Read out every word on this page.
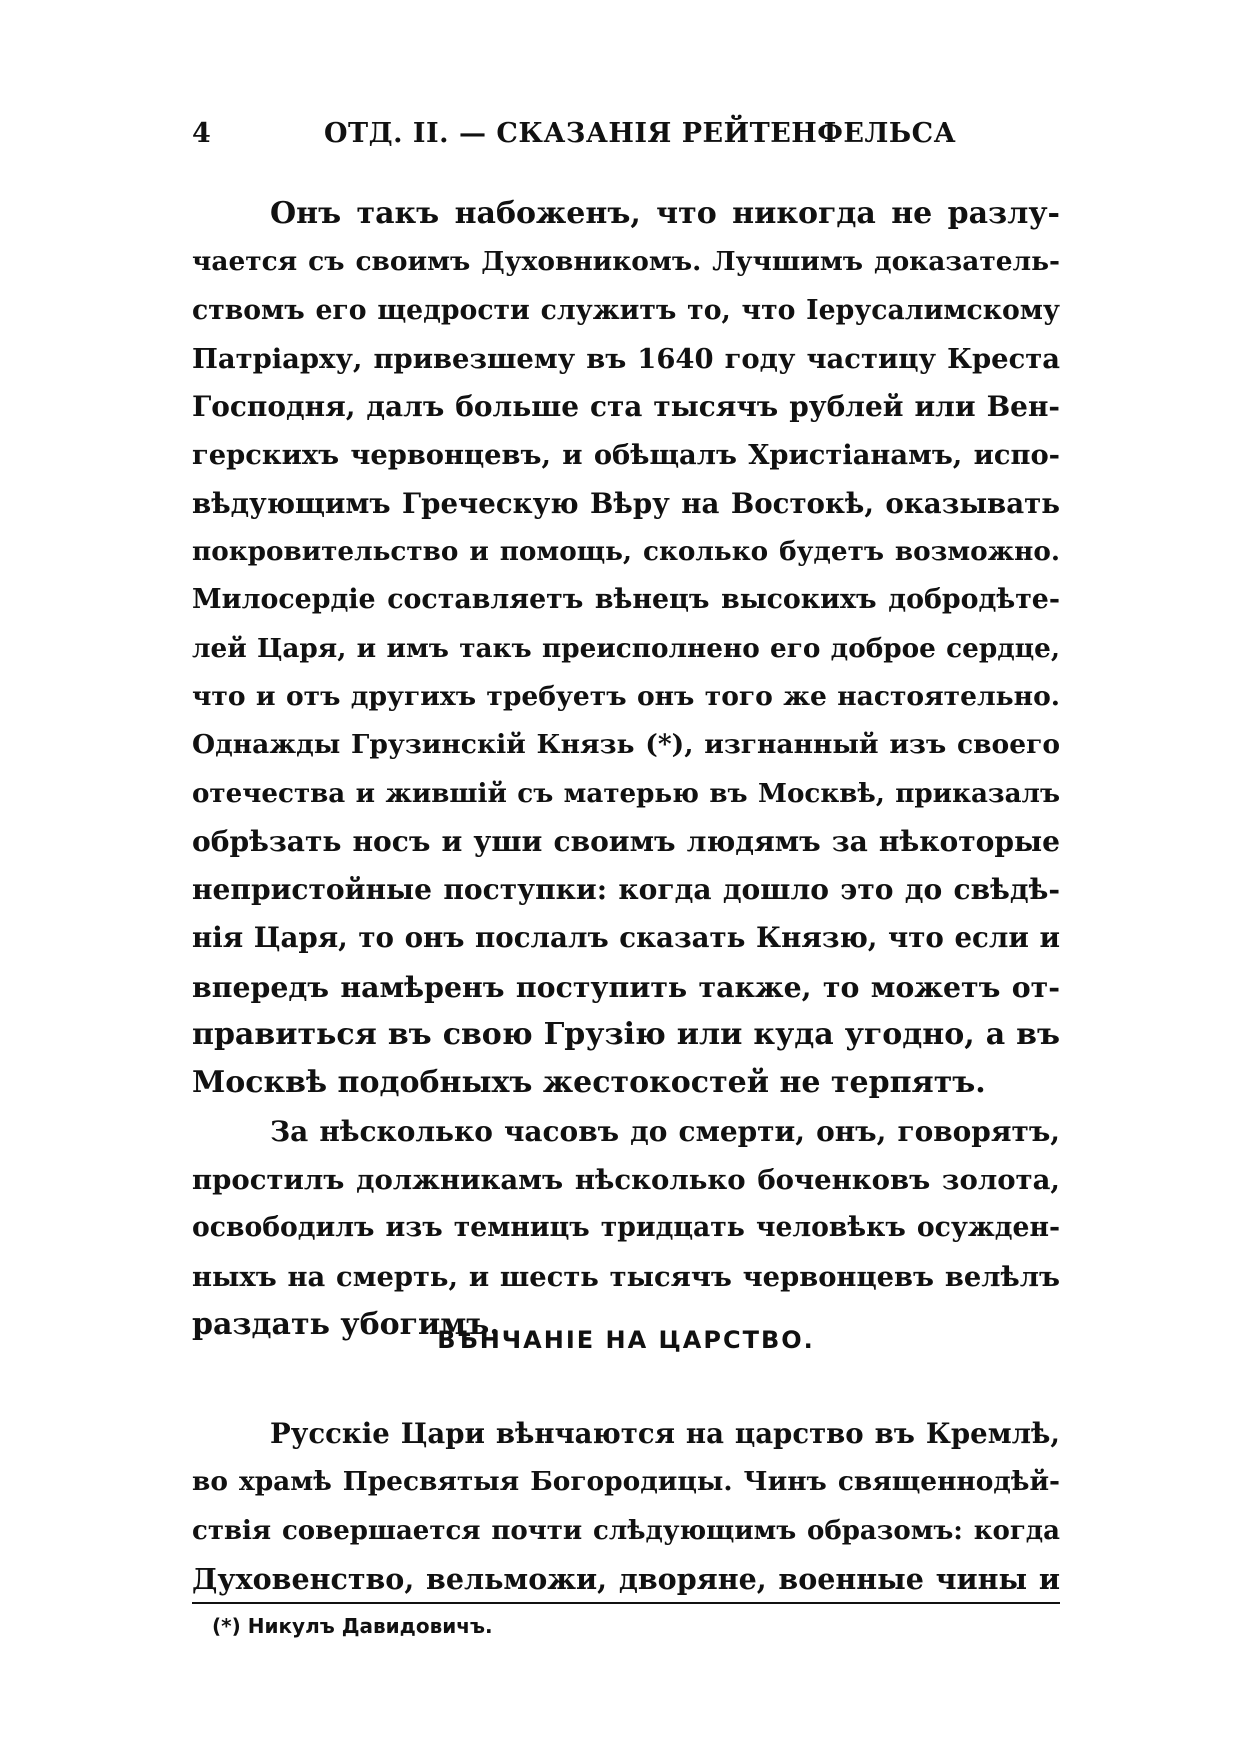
4	ОТД. II. — СКАЗАНIЯ РЕЙТЕНФЕЛЬСА
Онъ такъ набоженъ, что никогда не разлу-
чается съ своимъ Духовникомъ. Лучшимъ доказатель-
ствомъ его щедрости служитъ то, что Iерусалимскому
Патрiарху, привезшему въ 1640 году частицу Креста
Господня, далъ больше ста тысячъ рублей или Вен-
герскихъ червонцевъ, и обѣщалъ Христiанамъ, испо-
вѣдующимъ Греческую Вѣру на Востокѣ, оказывать
покровительство и помощь, сколько будетъ возможно.
Милосердiе составляетъ вѣнецъ высокихъ добродѣте-
лей Царя, и имъ такъ преисполнено его доброе сердце,
что и отъ другихъ требуетъ онъ того же настоятельно.
Однажды Грузинскiй Князь (*), изгнанный изъ своего
отечества и жившiй съ матерью въ Москвѣ, приказалъ
обрѣзать носъ и уши своимъ людямъ за нѣкоторые
непристойные поступки: когда дошло это до свѣдѣ-
нiя Царя, то онъ послалъ сказать Князю, что если и
впередъ намѣренъ поступить также, то можетъ от-
правиться въ свою Грузiю или куда угодно, а въ
Москвѣ подобныхъ жестокостей не терпятъ.
За нѣсколько часовъ до смерти, онъ, говорятъ,
простилъ должникамъ нѣсколько боченковъ золота,
освободилъ изъ темницъ тридцать человѣкъ осужден-
ныхъ на смерть, и шесть тысячъ червонцевъ велѣлъ
раздать убогимъ.
ВѢНЧАНIЕ НА ЦАРСТВО.
Русскiе Цари вѣнчаются на царство въ Кремлѣ,
во храмѣ Пресвятыя Богородицы. Чинъ священнодѣй-
ствiя совершается почти слѣдующимъ образомъ: когда
Духовенство, вельможи, дворяне, военные чины и
(*) Никулъ Давидовичъ.
